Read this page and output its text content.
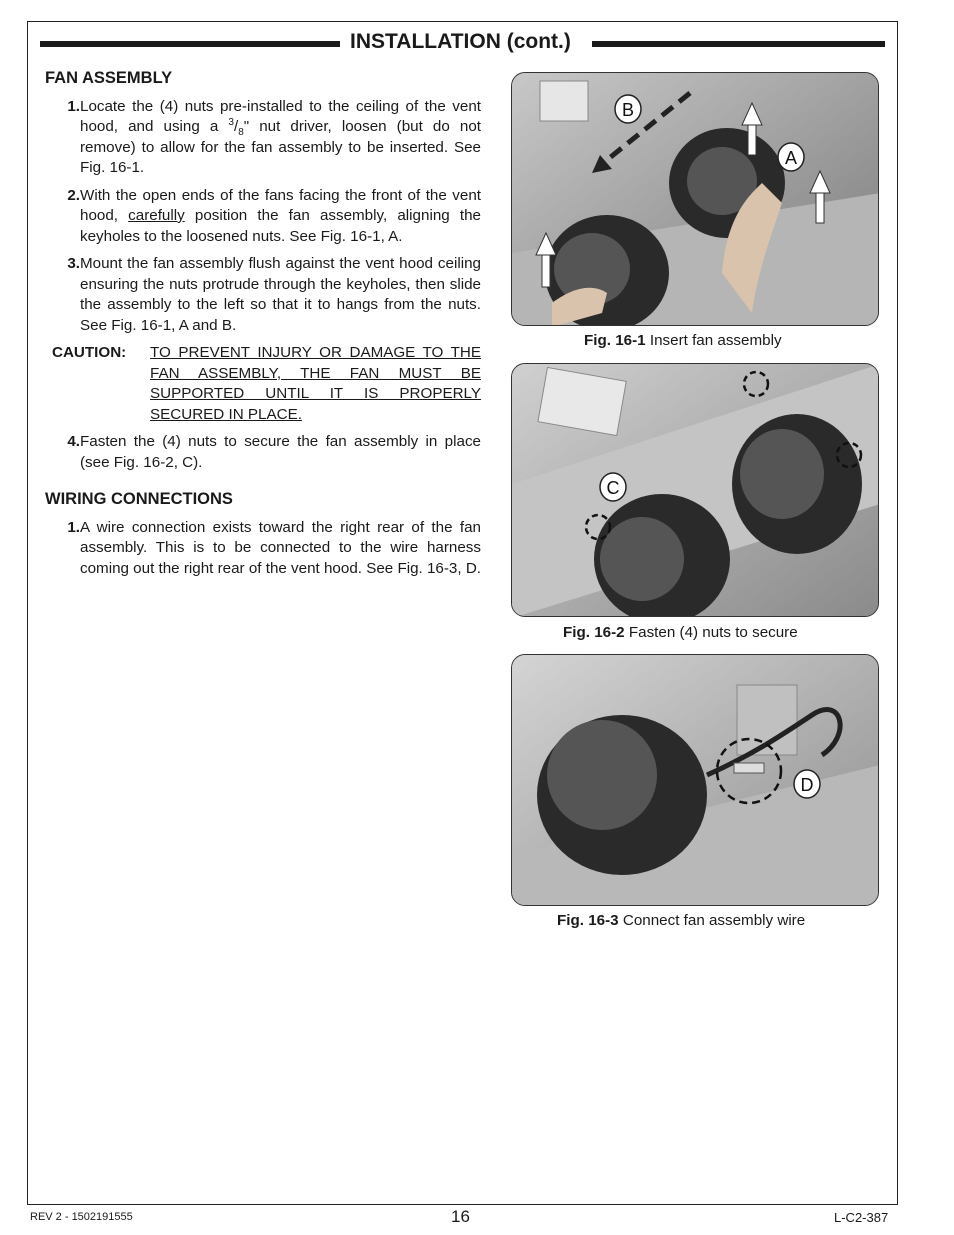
INSTALLATION (cont.)
FAN ASSEMBLY
1. Locate the (4) nuts pre-installed to the ceiling of the vent hood, and using a $^3/_8$" nut driver, loosen (but do not remove) to allow for the fan assembly to be inserted. See Fig. 16-1.
2. With the open ends of the fans facing the front of the vent hood, carefully position the fan assembly, aligning the keyholes to the loosened nuts. See Fig. 16-1, A.
3. Mount the fan assembly flush against the vent hood ceiling ensuring the nuts protrude through the keyholes, then slide the assembly to the left so that it to hangs from the nuts. See Fig. 16-1, A and B.
CAUTION:	TO PREVENT INJURY OR DAMAGE TO THE FAN ASSEMBLY, THE FAN MUST BE SUPPORTED UNTIL IT IS PROPERLY SECURED IN PLACE.
4. Fasten the (4) nuts to secure the fan assembly in place (see Fig. 16-2, C).
WIRING CONNECTIONS
1. A wire connection exists toward the right rear of the fan assembly. This is to be connected to the wire harness coming out the right rear of the vent hood. See Fig. 16-3, D.
B
A
Fig. 16-1 Insert fan assembly
C
Fig. 16-2 Fasten (4) nuts to secure
D
Fig. 16-3 Connect fan assembly wire
REV 2 - 1502191555	16	L-C2-387
